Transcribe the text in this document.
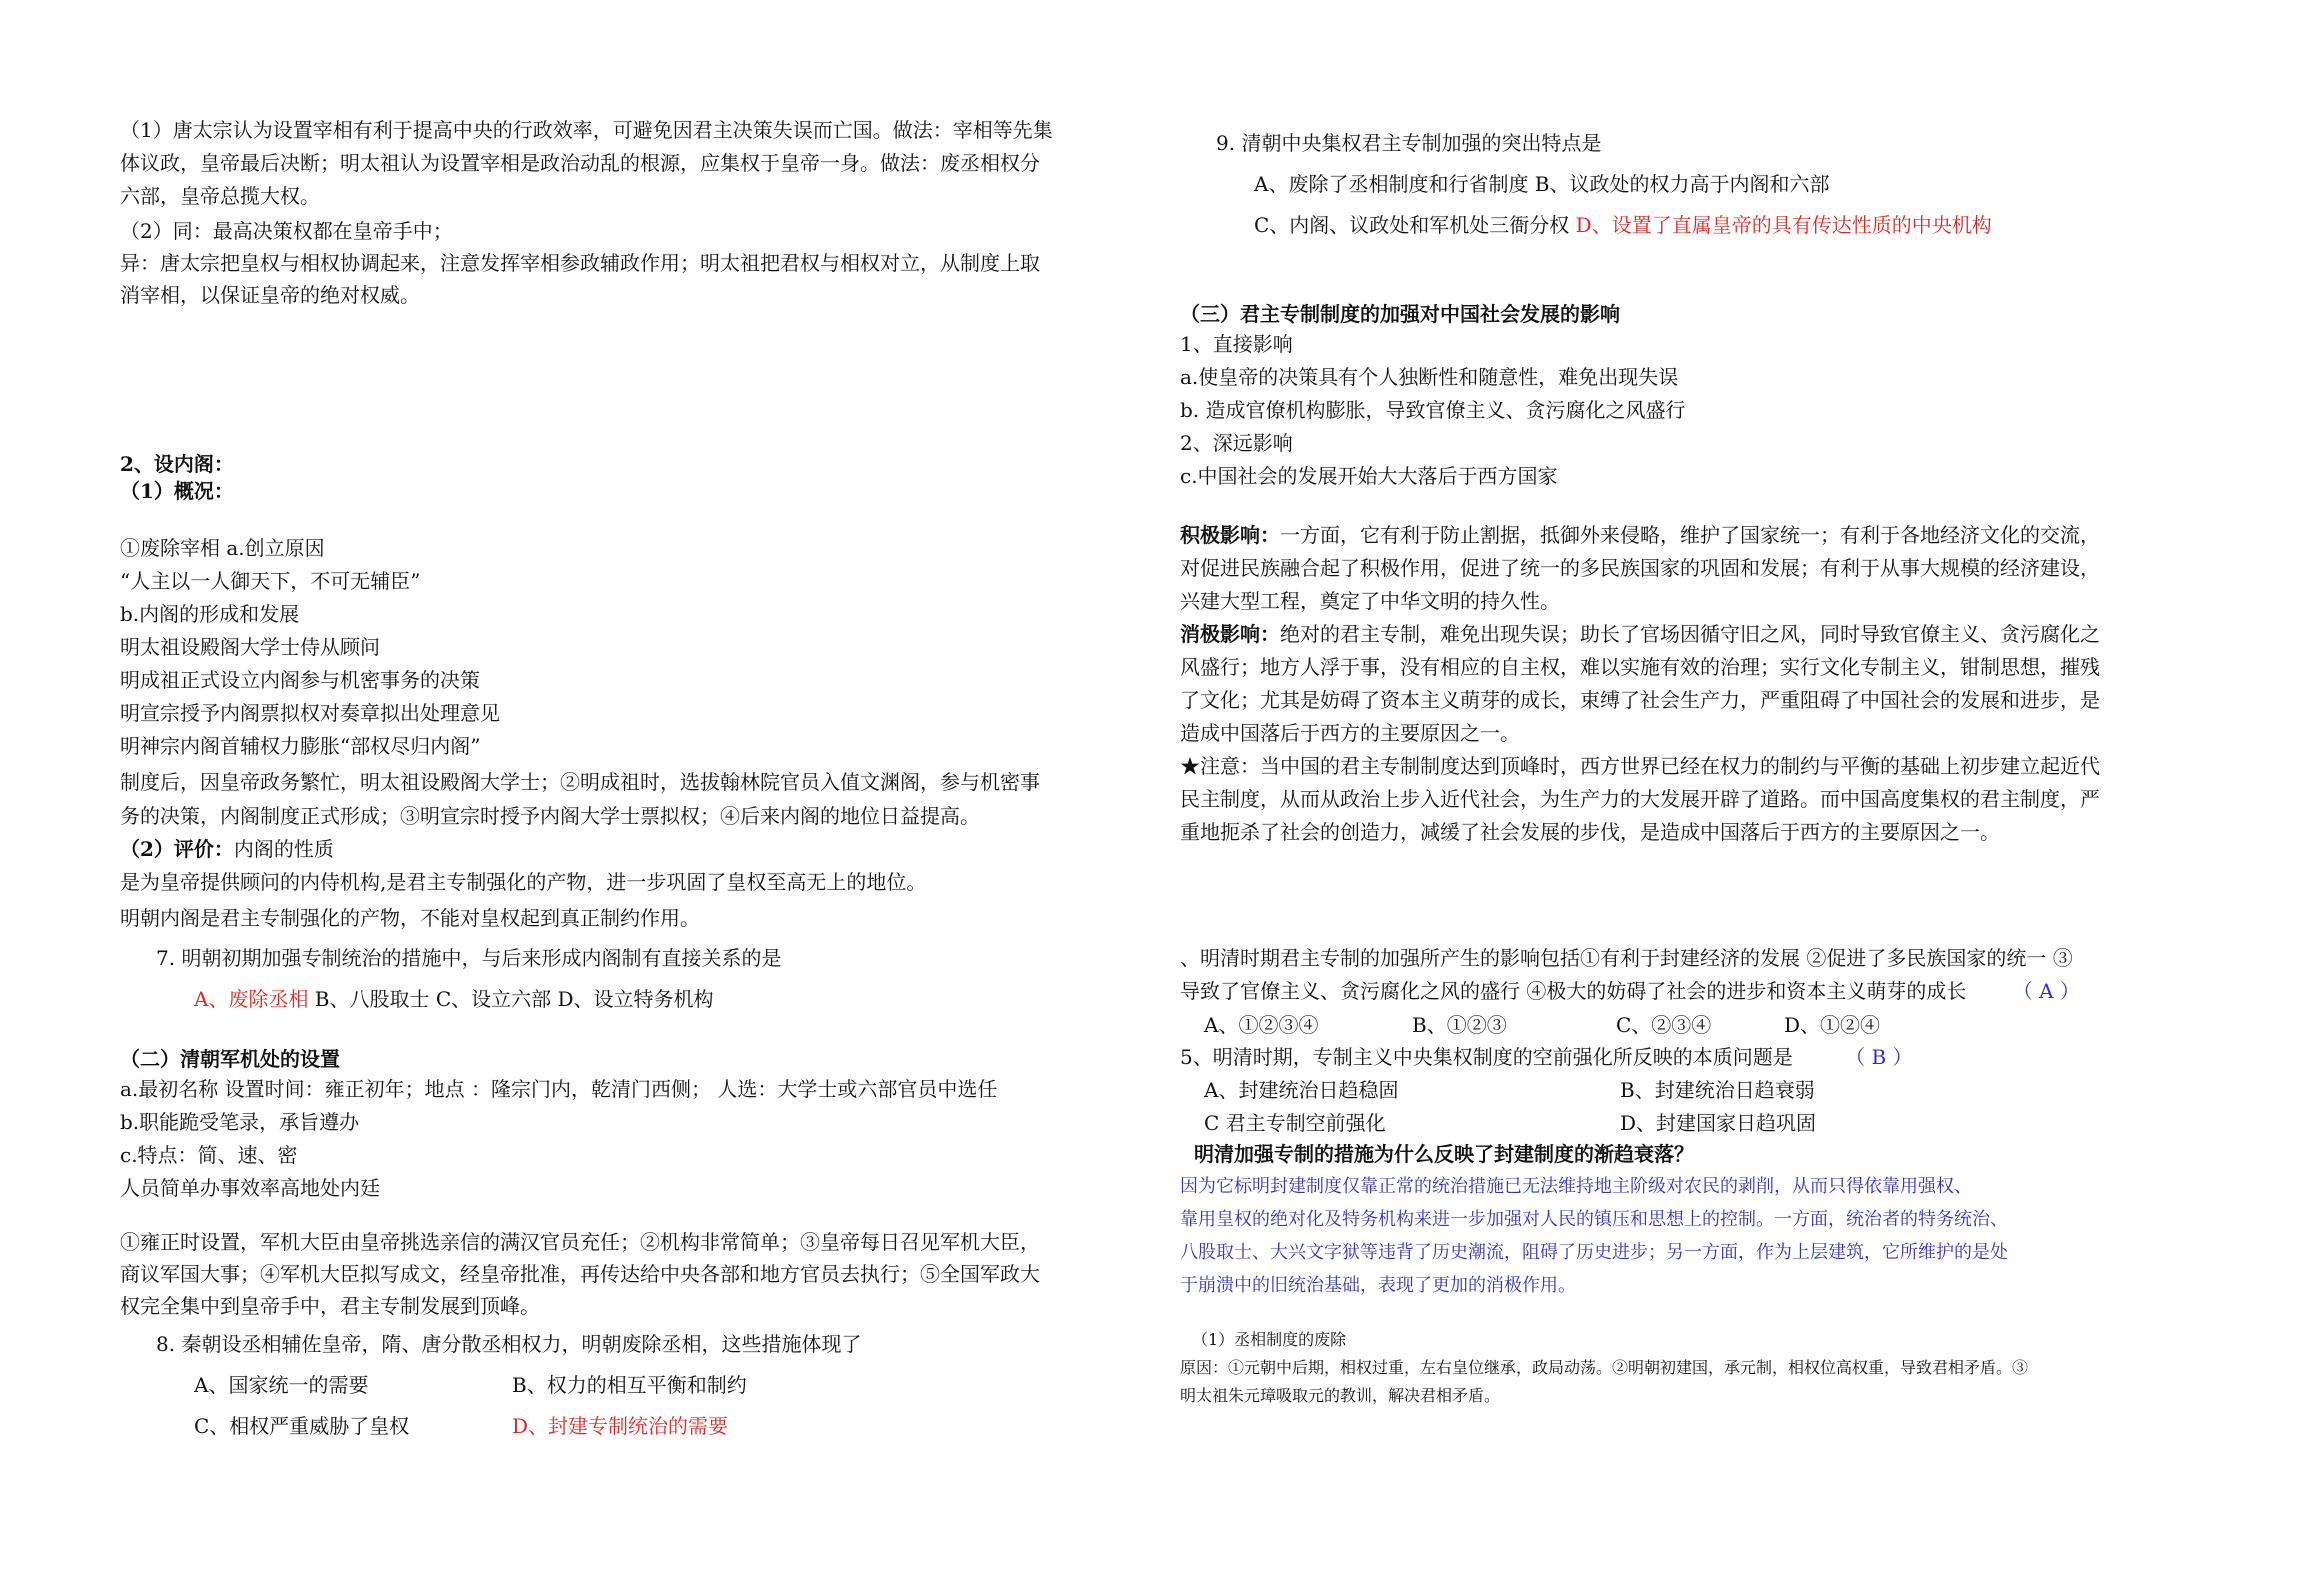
（1）唐太宗认为设置宰相有利于提高中央的行政效率，可避免因君主决策失误而亡国。做法：宰相等先集
体议政，皇帝最后决断；明太祖认为设置宰相是政治动乱的根源，应集权于皇帝一身。做法：废丞相权分
六部，皇帝总揽大权。
（2）同：最高决策权都在皇帝手中；
异：唐太宗把皇权与相权协调起来，注意发挥宰相参政辅政作用；明太祖把君权与相权对立，从制度上取
消宰相，以保证皇帝的绝对权威。
2、设内阁：
（1）概况：
①废除宰相 a.创立原因
“人主以一人御天下，不可无辅臣”
b.内阁的形成和发展
明太祖设殿阁大学士侍从顾问
明成祖正式设立内阁参与机密事务的决策
明宣宗授予内阁票拟权对奏章拟出处理意见
明神宗内阁首辅权力膨胀“部权尽归内阁”
制度后，因皇帝政务繁忙，明太祖设殿阁大学士；②明成祖时，选拔翰林院官员入值文渊阁，参与机密事
务的决策，内阁制度正式形成；③明宣宗时授予内阁大学士票拟权；④后来内阁的地位日益提高。
（2）评价：内阁的性质
是为皇帝提供顾问的内侍机构,是君主专制强化的产物，进一步巩固了皇权至高无上的地位。
明朝内阁是君主专制强化的产物，不能对皇权起到真正制约作用。
7. 明朝初期加强专制统治的措施中，与后来形成内阁制有直接关系的是
A、废除丞相 B、八股取士 C、设立六部 D、设立特务机构
（二）清朝军机处的设置
a.最初名称 设置时间：雍正初年；地点 ：隆宗门内，乾清门西侧； 人选：大学士或六部官员中选任
b.职能跪受笔录，承旨遵办
c.特点：简、速、密
人员简单办事效率高地处内廷
①雍正时设置，军机大臣由皇帝挑选亲信的满汉官员充任；②机构非常简单；③皇帝每日召见军机大臣，
商议军国大事；④军机大臣拟写成文，经皇帝批准，再传达给中央各部和地方官员去执行；⑤全国军政大
权完全集中到皇帝手中，君主专制发展到顶峰。
8. 秦朝设丞相辅佐皇帝，隋、唐分散丞相权力，明朝废除丞相，这些措施体现了
A、国家统一的需要	B、权力的相互平衡和制约
C、相权严重威胁了皇权	D、封建专制统治的需要
9. 清朝中央集权君主专制加强的突出特点是
A、废除了丞相制度和行省制度 B、议政处的权力高于内阁和六部
C、内阁、议政处和军机处三衙分权 D、设置了直属皇帝的具有传达性质的中央机构
（三）君主专制制度的加强对中国社会发展的影响
1、直接影响
a.使皇帝的决策具有个人独断性和随意性，难免出现失误
b. 造成官僚机构膨胀，导致官僚主义、贪污腐化之风盛行
2、深远影响
c.中国社会的发展开始大大落后于西方国家
积极影响：一方面，它有利于防止割据，抵御外来侵略，维护了国家统一；有利于各地经济文化的交流，
对促进民族融合起了积极作用，促进了统一的多民族国家的巩固和发展；有利于从事大规模的经济建设，
兴建大型工程，奠定了中华文明的持久性。
消极影响：绝对的君主专制，难免出现失误；助长了官场因循守旧之风，同时导致官僚主义、贪污腐化之
风盛行；地方人浮于事，没有相应的自主权，难以实施有效的治理；实行文化专制主义，钳制思想，摧残
了文化；尤其是妨碍了资本主义萌芽的成长，束缚了社会生产力，严重阻碍了中国社会的发展和进步，是
造成中国落后于西方的主要原因之一。
★注意：当中国的君主专制制度达到顶峰时，西方世界已经在权力的制约与平衡的基础上初步建立起近代
民主制度，从而从政治上步入近代社会，为生产力的大发展开辟了道路。而中国高度集权的君主制度，严
重地扼杀了社会的创造力，减缓了社会发展的步伐，是造成中国落后于西方的主要原因之一。
、明清时期君主专制的加强所产生的影响包括①有利于封建经济的发展 ②促进了多民族国家的统一 ③
导致了官僚主义、贪污腐化之风的盛行 ④极大的妨碍了社会的进步和资本主义萌芽的成长 （ A ）
A、①②③④	B、①②③	C、②③④	D、①②④
5、明清时期，专制主义中央集权制度的空前强化所反映的本质问题是	（ B ）
A、封建统治日趋稳固	B、封建统治日趋衰弱
C 君主专制空前强化	D、封建国家日趋巩固
明清加强专制的措施为什么反映了封建制度的渐趋衰落？
因为它标明封建制度仅靠正常的统治措施已无法维持地主阶级对农民的剥削，从而只得依靠用强权、
靠用皇权的绝对化及特务机构来进一步加强对人民的镇压和思想上的控制。一方面，统治者的特务统治、
八股取士、大兴文字狱等违背了历史潮流，阻碍了历史进步；另一方面，作为上层建筑，它所维护的是处
于崩溃中的旧统治基础，表现了更加的消极作用。
（1）丞相制度的废除
原因：①元朝中后期，相权过重，左右皇位继承，政局动荡。②明朝初建国，承元制，相权位高权重，导致君相矛盾。③
明太祖朱元璋吸取元的教训，解决君相矛盾。
